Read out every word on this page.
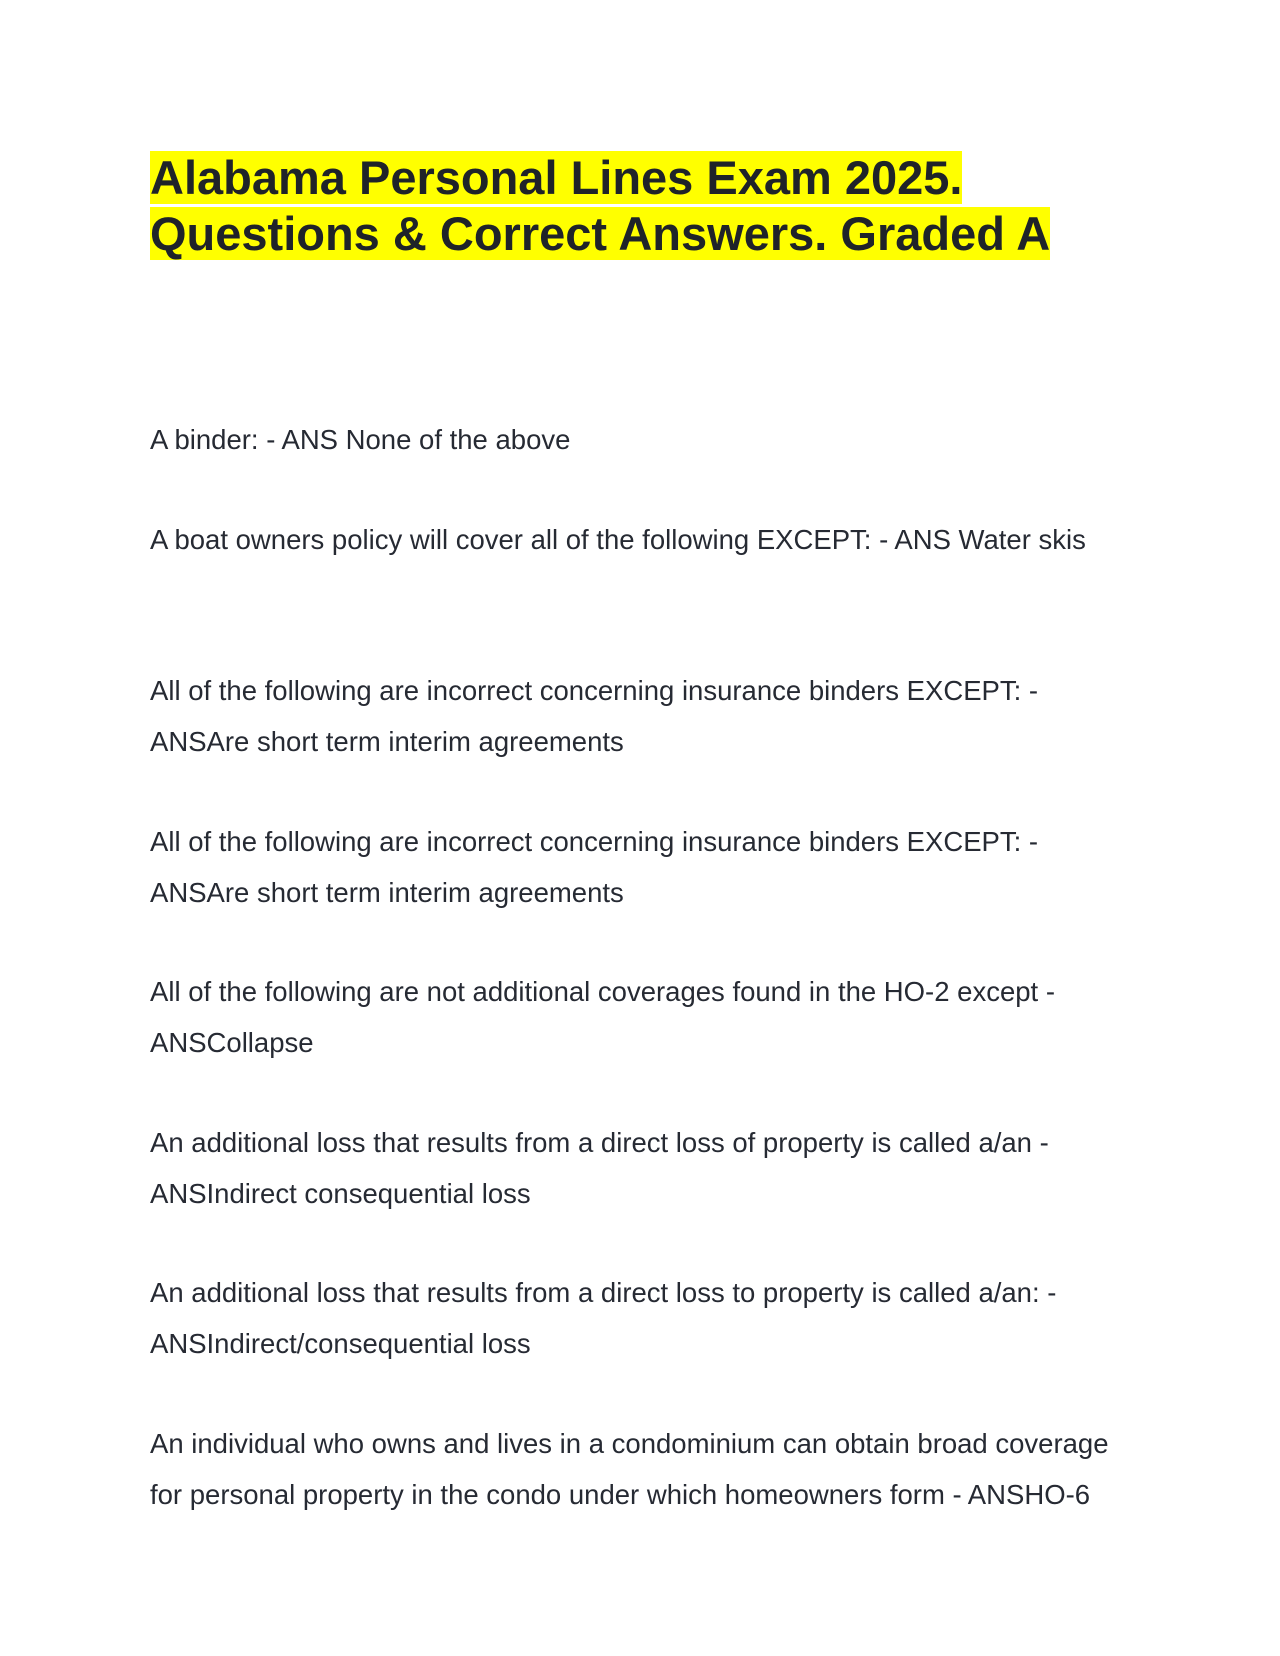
Alabama Personal Lines Exam 2025.
Questions & Correct Answers. Graded A

A binder: - ANS None of the above

A boat owners policy will cover all of the following EXCEPT: - ANS Water skis

All of the following are incorrect concerning insurance binders EXCEPT: - ANSAre short term interim agreements

All of the following are incorrect concerning insurance binders EXCEPT: - ANSAre short term interim agreements

All of the following are not additional coverages found in the HO-2 except - ANSCollapse

An additional loss that results from a direct loss of property is called a/an - ANSIndirect consequential loss

An additional loss that results from a direct loss to property is called a/an: - ANSIndirect/consequential loss

An individual who owns and lives in a condominium can obtain broad coverage for personal property in the condo under which homeowners form - ANSHO-6
